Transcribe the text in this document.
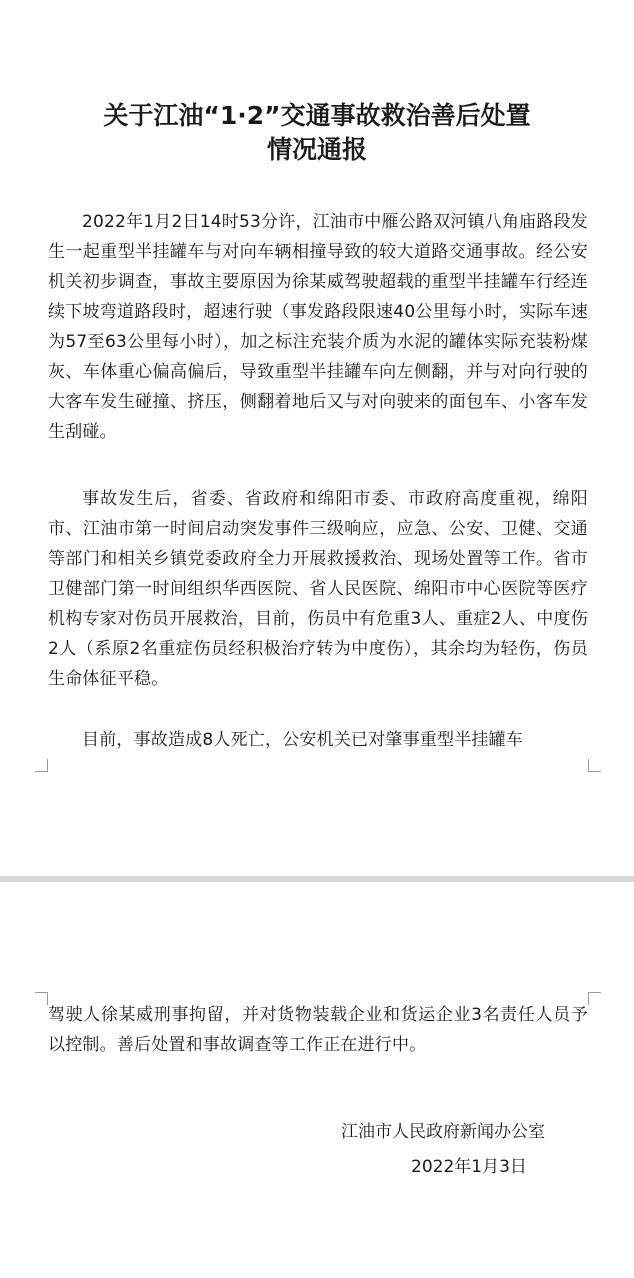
关于江油“1·2”交通事故救治善后处置
情况通报

2022年1月2日14时53分许，江油市中雁公路双河镇八角庙路段发生一起重型半挂罐车与对向车辆相撞导致的较大道路交通事故。经公安机关初步调查，事故主要原因为徐某威驾驶超载的重型半挂罐车行经连续下坡弯道路段时，超速行驶（事发路段限速40公里每小时，实际车速为57至63公里每小时），加之标注充装介质为水泥的罐体实际充装粉煤灰、车体重心偏高偏后，导致重型半挂罐车向左侧翻，并与对向行驶的大客车发生碰撞、挤压，侧翻着地后又与对向驶来的面包车、小客车发生刮碰。

事故发生后，省委、省政府和绵阳市委、市政府高度重视，绵阳市、江油市第一时间启动突发事件三级响应，应急、公安、卫健、交通等部门和相关乡镇党委政府全力开展救援救治、现场处置等工作。省市卫健部门第一时间组织华西医院、省人民医院、绵阳市中心医院等医疗机构专家对伤员开展救治，目前，伤员中有危重3人、重症2人、中度伤2人（系原2名重症伤员经积极治疗转为中度伤），其余均为轻伤，伤员生命体征平稳。

目前，事故造成8人死亡，公安机关已对肇事重型半挂罐车

驾驶人徐某威刑事拘留，并对货物装载企业和货运企业3名责任人员予以控制。善后处置和事故调查等工作正在进行中。

江油市人民政府新闻办公室
2022年1月3日
